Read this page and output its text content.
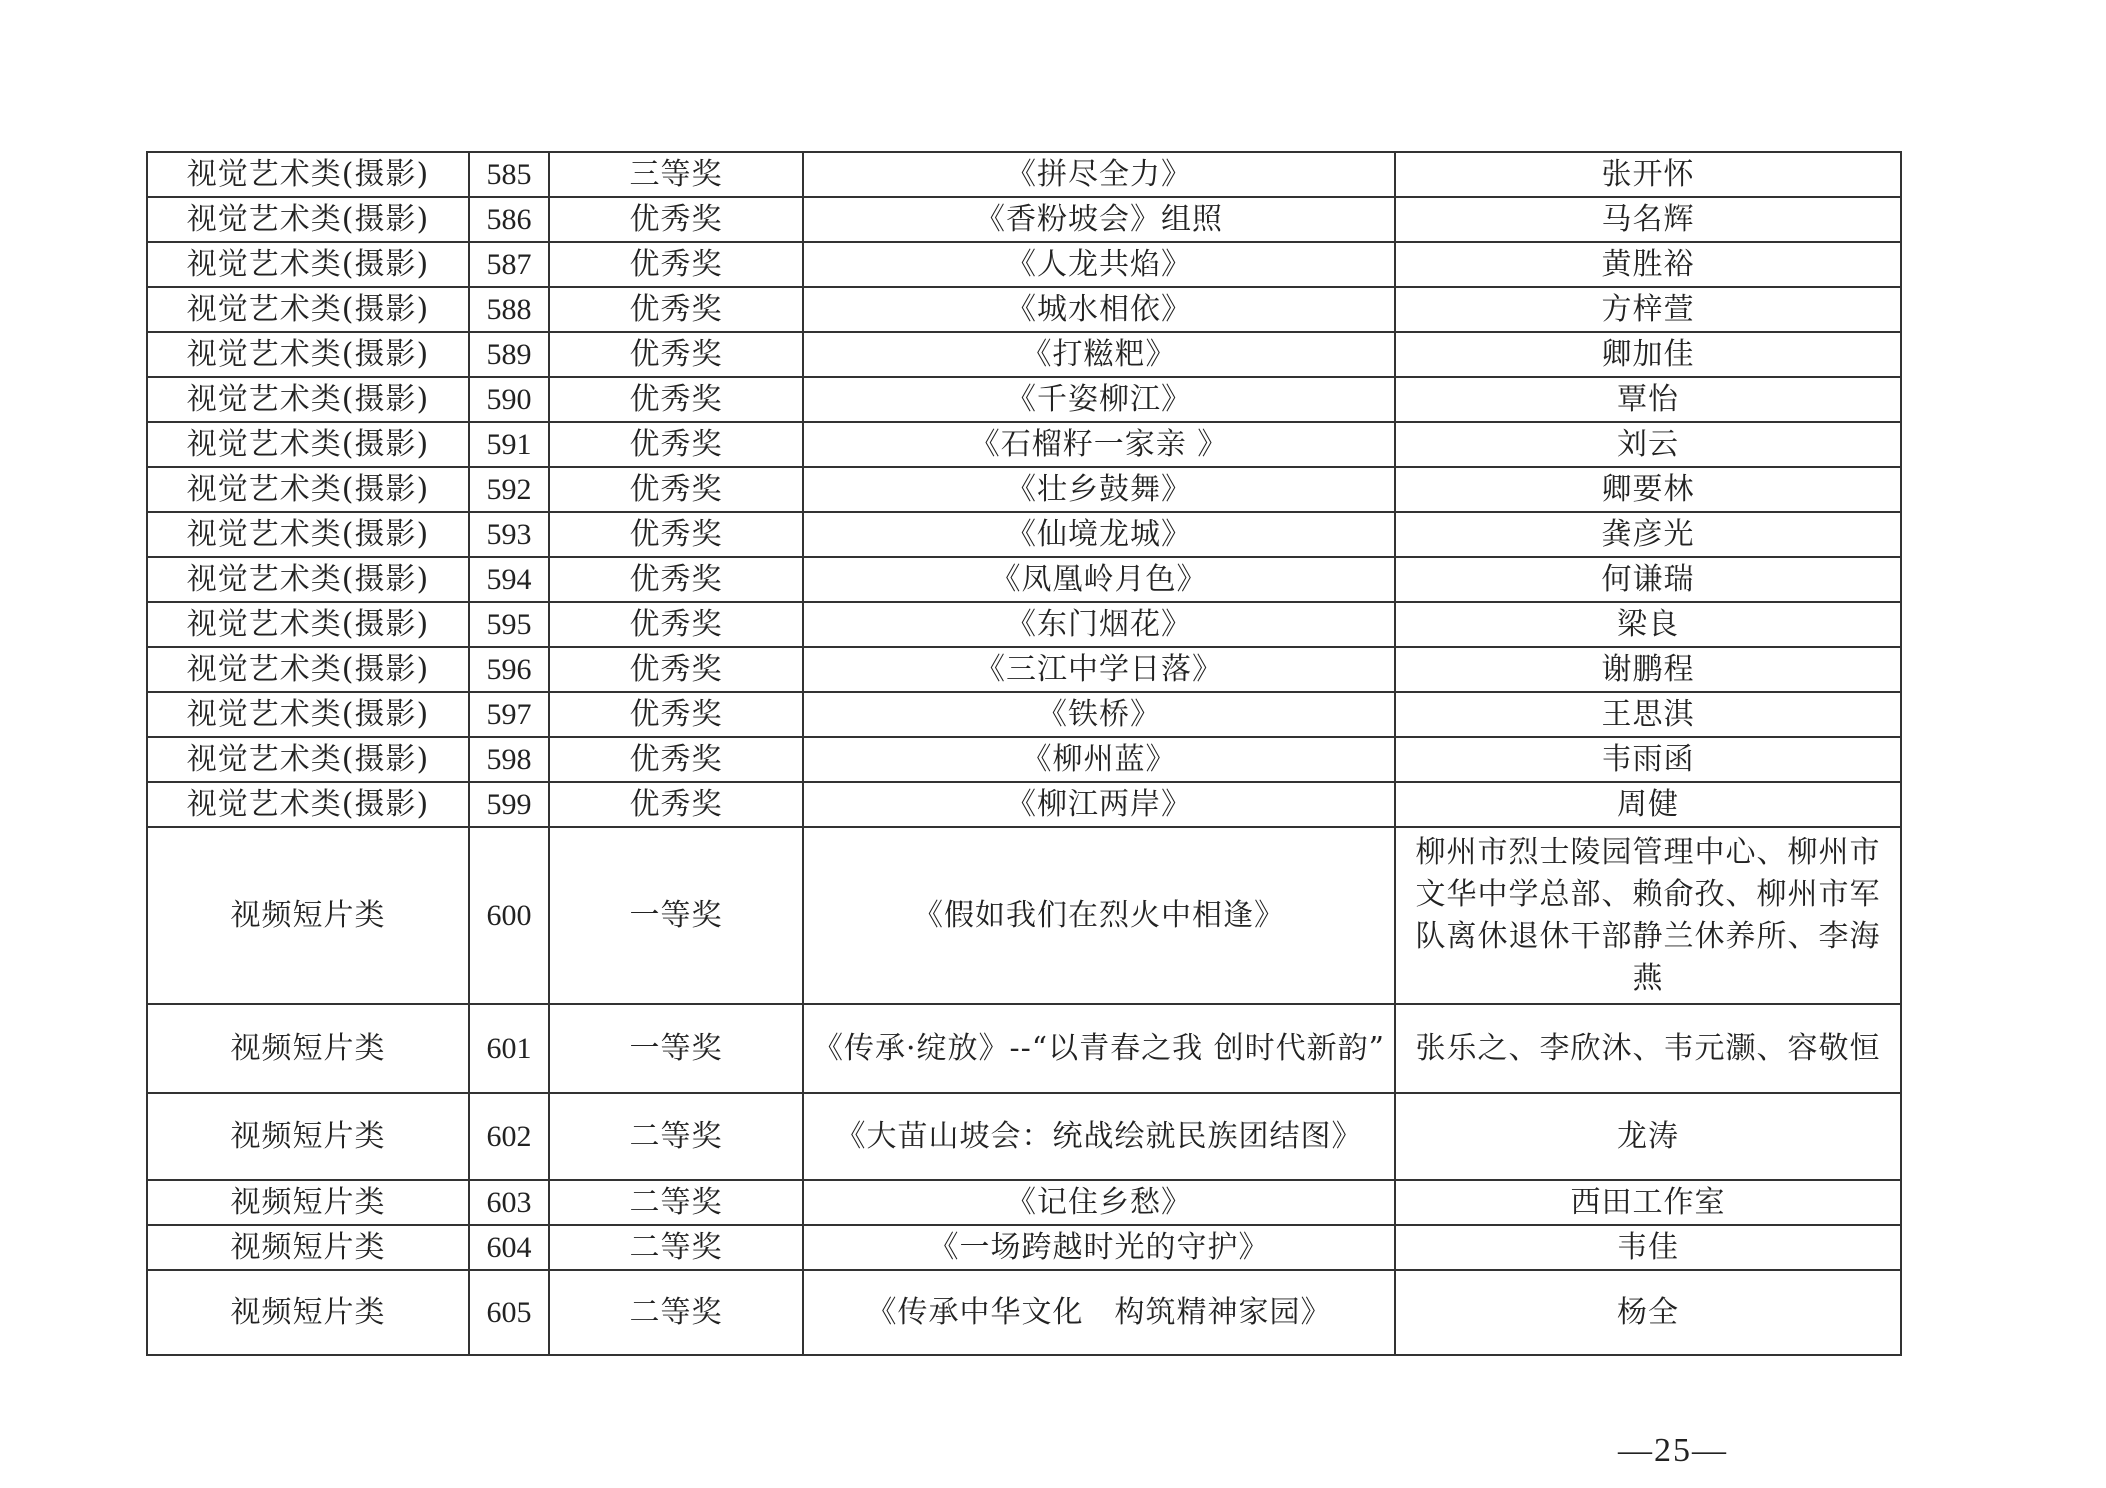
视觉艺术类(摄影)	585	三等奖	《拼尽全力》	张开怀
视觉艺术类(摄影)	586	优秀奖	《香粉坡会》组照	马名辉
视觉艺术类(摄影)	587	优秀奖	《人龙共焰》	黄胜裕
视觉艺术类(摄影)	588	优秀奖	《城水相依》	方梓萱
视觉艺术类(摄影)	589	优秀奖	《打糍粑》	卿加佳
视觉艺术类(摄影)	590	优秀奖	《千姿柳江》	覃怡
视觉艺术类(摄影)	591	优秀奖	《石榴籽一家亲 》	刘云
视觉艺术类(摄影)	592	优秀奖	《壮乡鼓舞》	卿要林
视觉艺术类(摄影)	593	优秀奖	《仙境龙城》	龚彦光
视觉艺术类(摄影)	594	优秀奖	《凤凰岭月色》	何谦瑞
视觉艺术类(摄影)	595	优秀奖	《东门烟花》	梁良
视觉艺术类(摄影)	596	优秀奖	《三江中学日落》	谢鹏程
视觉艺术类(摄影)	597	优秀奖	《铁桥》	王思淇
视觉艺术类(摄影)	598	优秀奖	《柳州蓝》	韦雨函
视觉艺术类(摄影)	599	优秀奖	《柳江两岸》	周健
视频短片类	600	一等奖	《假如我们在烈火中相逢》	柳州市烈士陵园管理中心、柳州市文华中学总部、赖俞孜、柳州市军队离休退休干部静兰休养所、李海燕
视频短片类	601	一等奖	《传承·绽放》--“以青春之我 创时代新韵”	张乐之、李欣沐、韦元灏、容敬恒
视频短片类	602	二等奖	《大苗山坡会：统战绘就民族团结图》	龙涛
视频短片类	603	二等奖	《记住乡愁》	西田工作室
视频短片类	604	二等奖	《一场跨越时光的守护》	韦佳
视频短片类	605	二等奖	《传承中华文化　构筑精神家园》	杨全
—25—
